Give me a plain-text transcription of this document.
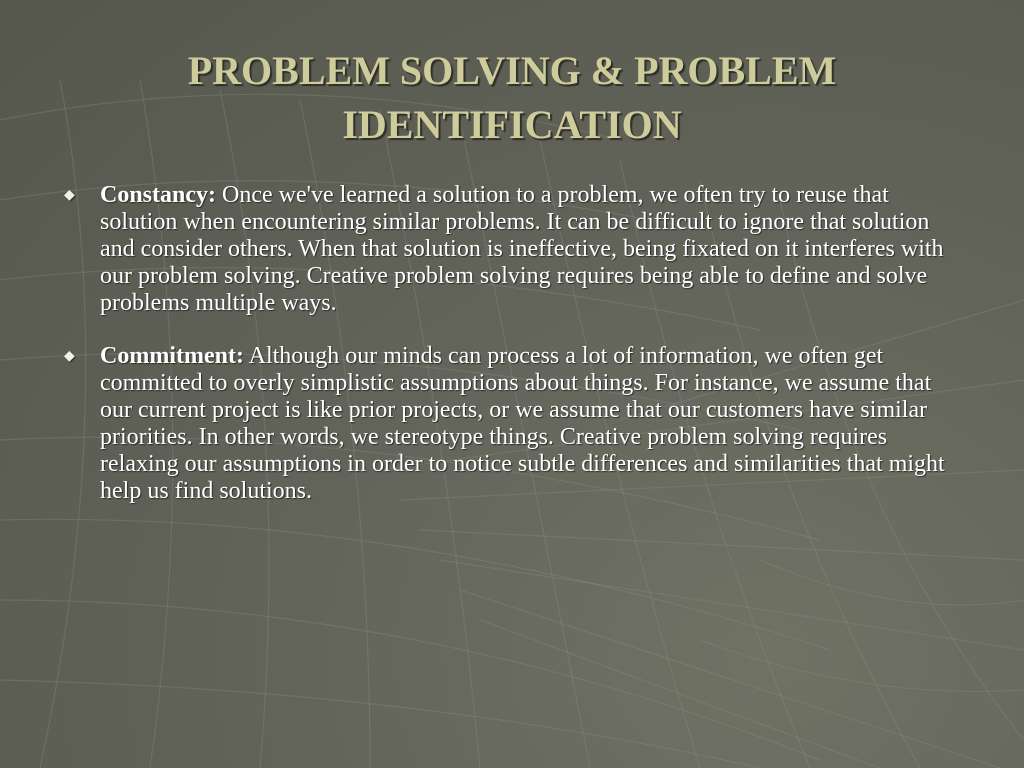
PROBLEM SOLVING & PROBLEM IDENTIFICATION
◆ Constancy: Once we've learned a solution to a problem, we often try to reuse that solution when encountering similar problems. It can be difficult to ignore that solution and consider others. When that solution is ineffective, being fixated on it interferes with our problem solving. Creative problem solving requires being able to define and solve problems multiple ways.
◆ Commitment: Although our minds can process a lot of information, we often get committed to overly simplistic assumptions about things. For instance, we assume that our current project is like prior projects, or we assume that our customers have similar priorities. In other words, we stereotype things. Creative problem solving requires relaxing our assumptions in order to notice subtle differences and similarities that might help us find solutions.
